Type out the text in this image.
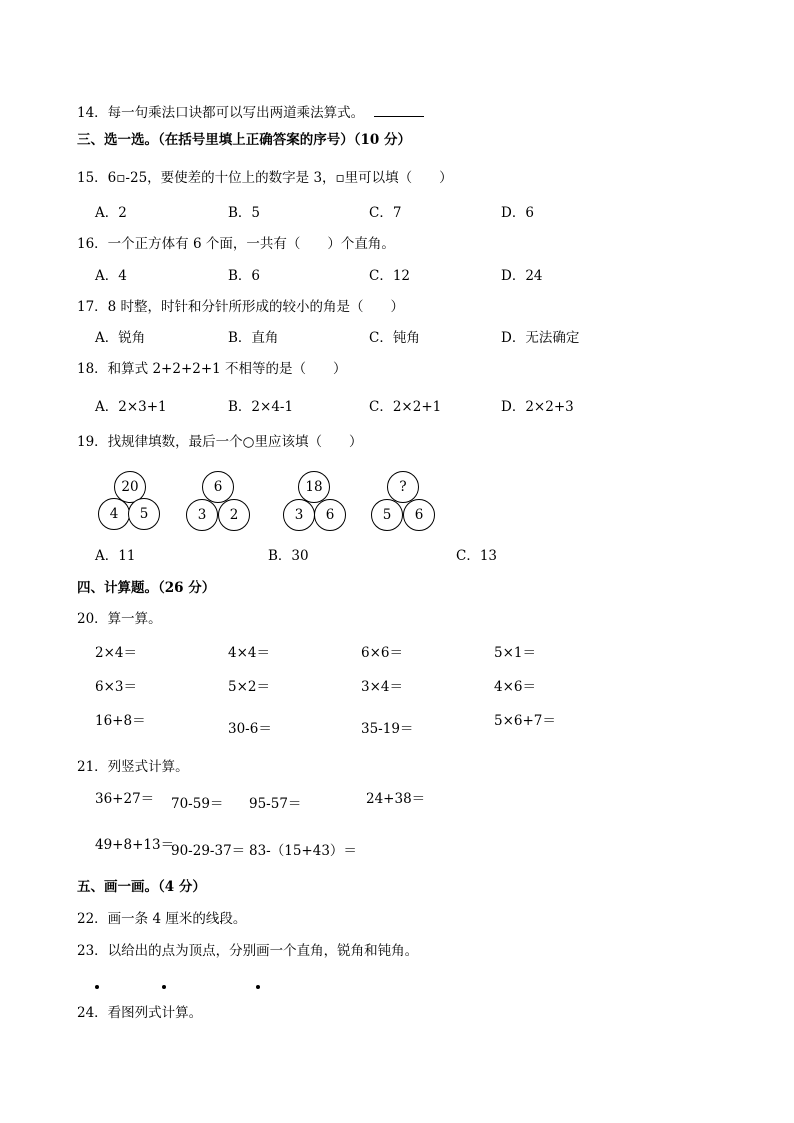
14．每一句乘法口诀都可以写出两道乘法算式。
三、选一选。（在括号里填上正确答案的序号）（10 分）
15．6▫-25，要使差的十位上的数字是 3，▫里可以填（　　）
A．2	B．5	C．7	D．6
16．一个正方体有 6 个面，一共有（　　）个直角。
A．4	B．6	C．12	D．24
17．8 时整，时针和分针所形成的较小的角是（　　）
A．锐角	B．直角	C．钝角	D．无法确定
18．和算式 2+2+2+1 不相等的是（　　）
A．2×3+1	B．2×4-1	C．2×2+1	D．2×2+3
19．找规律填数，最后一个○里应该填（　　）
20
4	5
6
3	2
18
3	6
?
5	6
A．11	B．30	C．13
四、计算题。（26 分）
20．算一算。
2×4＝	4×4＝	6×6＝	5×1＝
6×3＝	5×2＝	3×4＝	4×6＝
16+8＝	30-6＝	35-19＝	5×6+7＝
21．列竖式计算。
36+27＝ 70-59＝ 95-57＝	24+38＝
49+8+13＝
90-29-37＝ 83-（15+43）＝
五、画一画。（4 分）
22．画一条 4 厘米的线段。
23．以给出的点为顶点，分别画一个直角，锐角和钝角。
24．看图列式计算。
